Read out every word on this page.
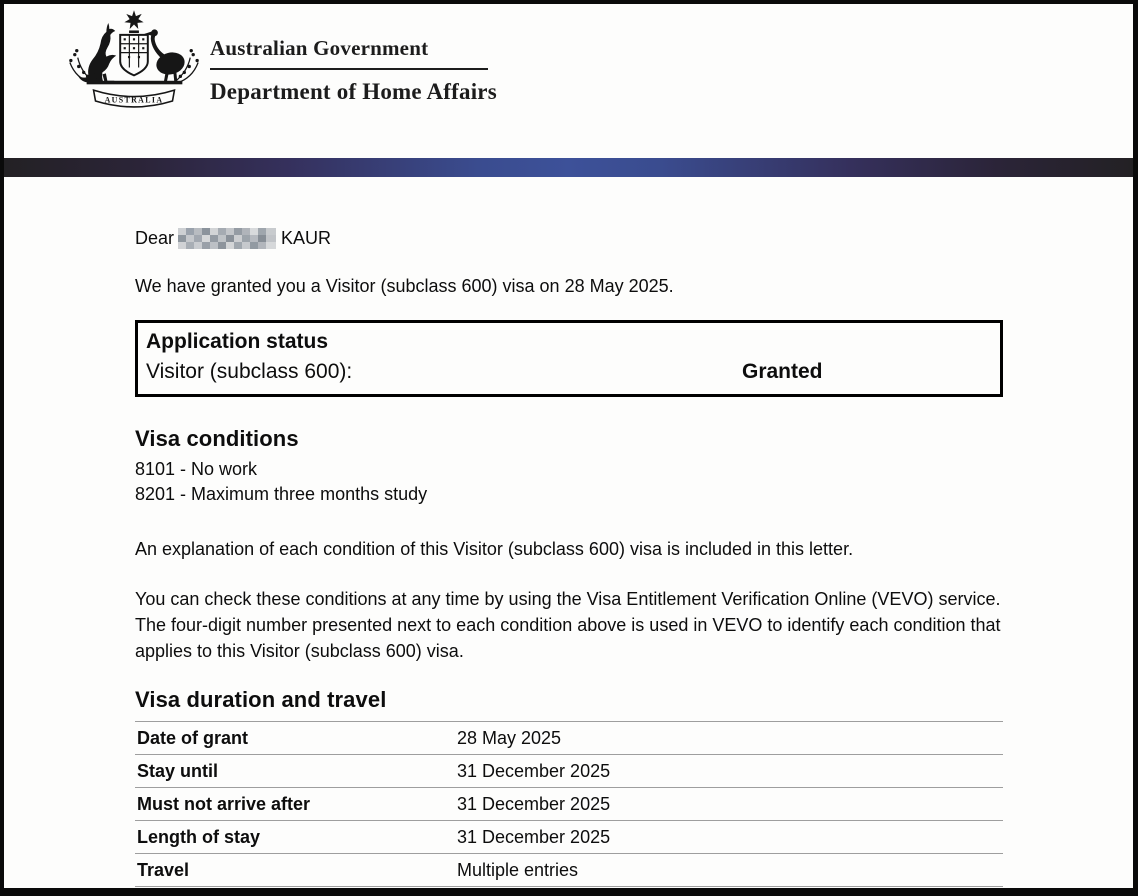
AUSTRALIA
Australian Government
Department of Home Affairs
Dear	KAUR

We have granted you a Visitor (subclass 600) visa on 28 May 2025.

Application status
Visitor (subclass 600):	Granted
Visa conditions
8101 - No work
8201 - Maximum three months study

An explanation of each condition of this Visitor (subclass 600) visa is included in this letter.

You can check these conditions at any time by using the Visa Entitlement Verification Online (VEVO) service. The four-digit number presented next to each condition above is used in VEVO to identify each condition that applies to this Visitor (subclass 600) visa.

Visa duration and travel
Date of grant	28 May 2025
Stay until	31 December 2025
Must not arrive after	31 December 2025
Length of stay	31 December 2025
Travel	Multiple entries
